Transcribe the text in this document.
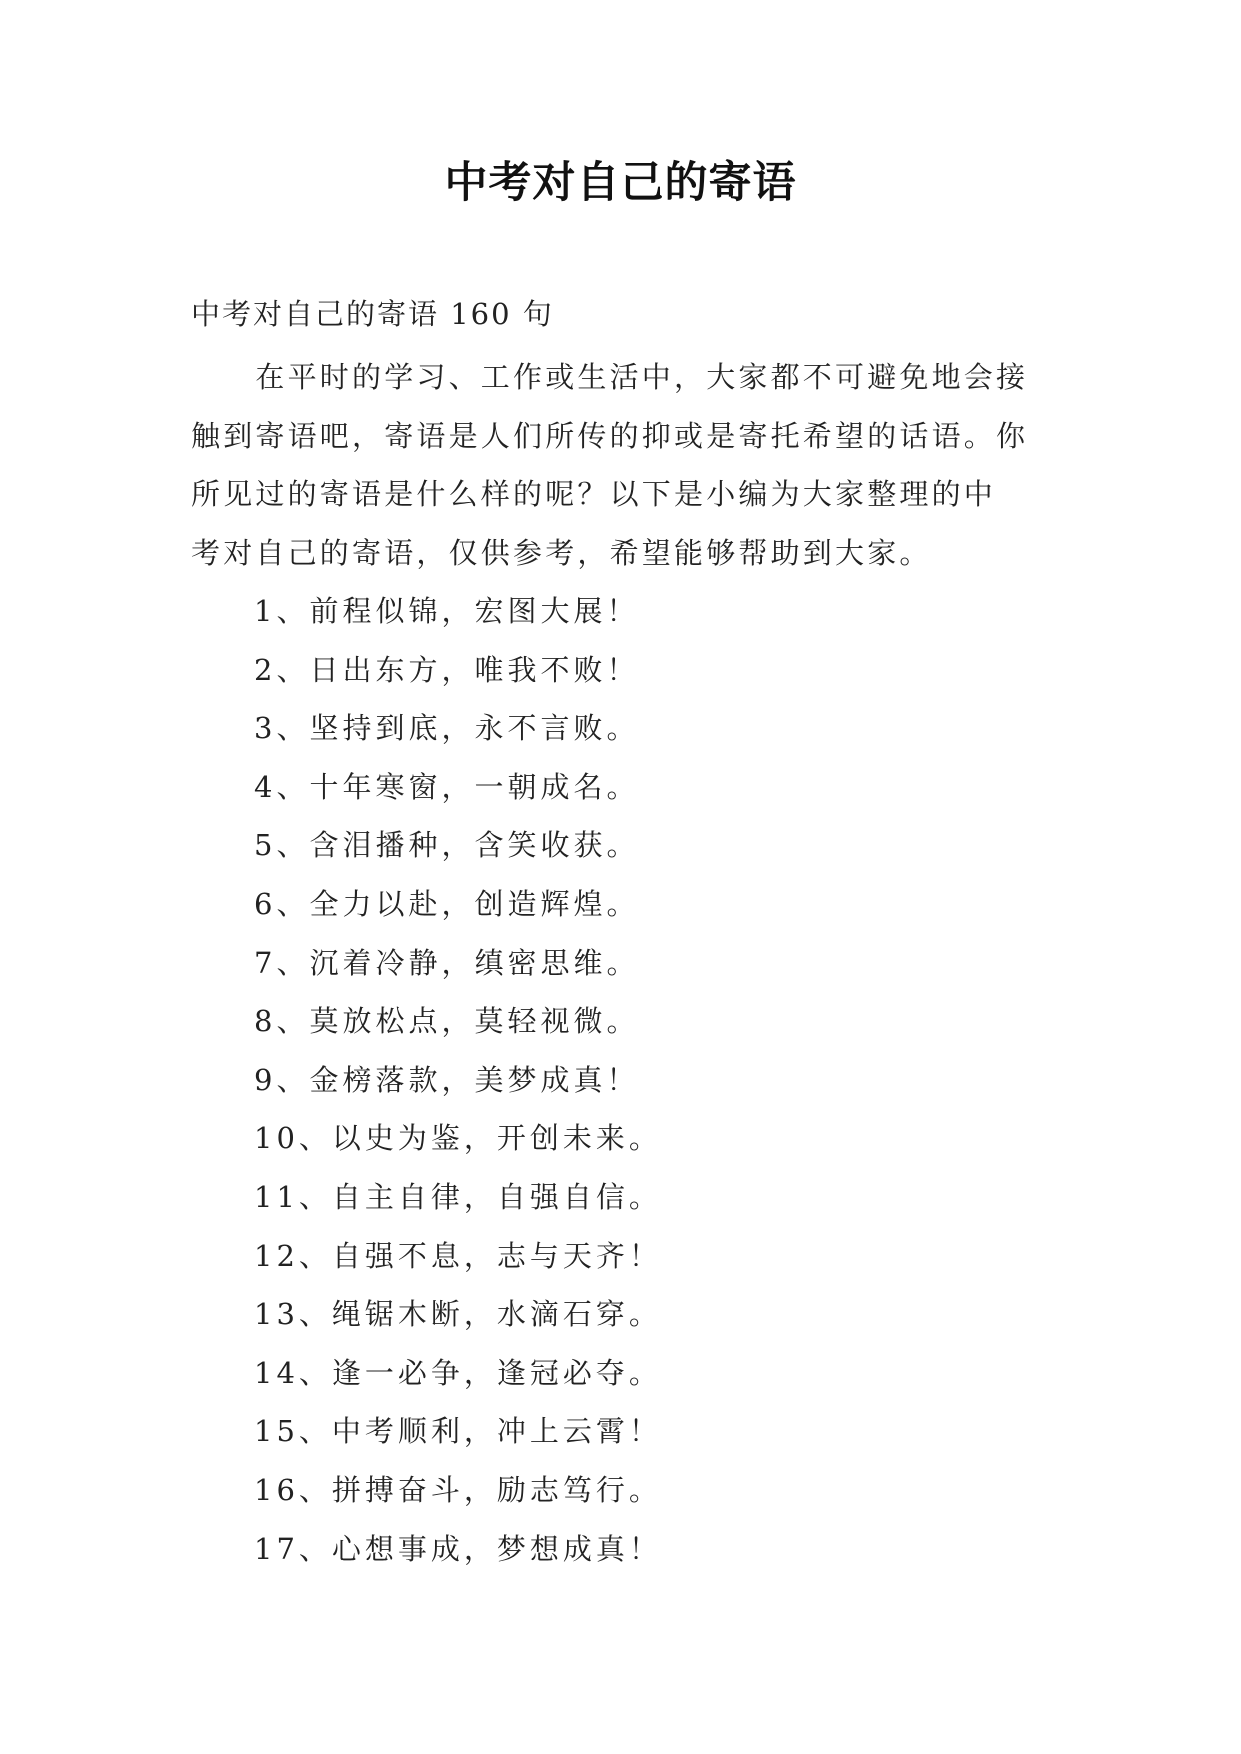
中考对自己的寄语
中考对自己的寄语 160 句
　　在平时的学习、工作或生活中，大家都不可避免地会接
触到寄语吧，寄语是人们所传的抑或是寄托希望的话语。你
所见过的寄语是什么样的呢？以下是小编为大家整理的中
考对自己的寄语，仅供参考，希望能够帮助到大家。
1、前程似锦，宏图大展！
2、日出东方，唯我不败！
3、坚持到底，永不言败。
4、十年寒窗，一朝成名。
5、含泪播种，含笑收获。
6、全力以赴，创造辉煌。
7、沉着冷静，缜密思维。
8、莫放松点，莫轻视微。
9、金榜落款，美梦成真！
10、以史为鉴，开创未来。
11、自主自律，自强自信。
12、自强不息，志与天齐！
13、绳锯木断，水滴石穿。
14、逢一必争，逢冠必夺。
15、中考顺利，冲上云霄！
16、拼搏奋斗，励志笃行。
17、心想事成，梦想成真！
